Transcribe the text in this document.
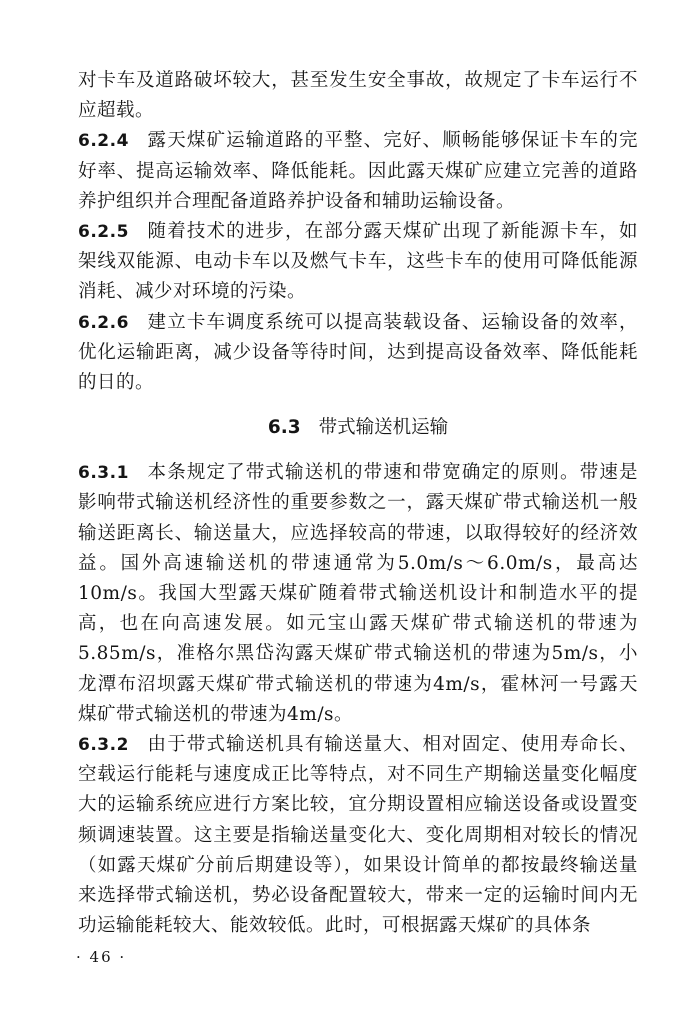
对卡车及道路破坏较大，甚至发生安全事故，故规定了卡车运行不应超载。

6.2.4 露天煤矿运输道路的平整、完好、顺畅能够保证卡车的完好率、提高运输效率、降低能耗。因此露天煤矿应建立完善的道路养护组织并合理配备道路养护设备和辅助运输设备。

6.2.5 随着技术的进步，在部分露天煤矿出现了新能源卡车，如架线双能源、电动卡车以及燃气卡车，这些卡车的使用可降低能源消耗、减少对环境的污染。

6.2.6 建立卡车调度系统可以提高装载设备、运输设备的效率，优化运输距离，减少设备等待时间，达到提高设备效率、降低能耗的日的。

6.3 带式输送机运输

6.3.1 本条规定了带式输送机的带速和带宽确定的原则。带速是影响带式输送机经济性的重要参数之一，露天煤矿带式输送机一般输送距离长、输送量大，应选择较高的带速，以取得较好的经济效益。国外高速输送机的带速通常为5.0m/s～6.0m/s，最高达10m/s。我国大型露天煤矿随着带式输送机设计和制造水平的提高，也在向高速发展。如元宝山露天煤矿带式输送机的带速为5.85m/s，准格尔黑岱沟露天煤矿带式输送机的带速为5m/s，小龙潭布沼坝露天煤矿带式输送机的带速为4m/s，霍林河一号露天煤矿带式输送机的带速为4m/s。

6.3.2 由于带式输送机具有输送量大、相对固定、使用寿命长、空载运行能耗与速度成正比等特点，对不同生产期输送量变化幅度大的运输系统应进行方案比较，宜分期设置相应输送设备或设置变频调速装置。这主要是指输送量变化大、变化周期相对较长的情况（如露天煤矿分前后期建设等），如果设计简单的都按最终输送量来选择带式输送机，势必设备配置较大，带来一定的运输时间内无功运输能耗较大、能效较低。此时，可根据露天煤矿的具体条

· 46 ·
